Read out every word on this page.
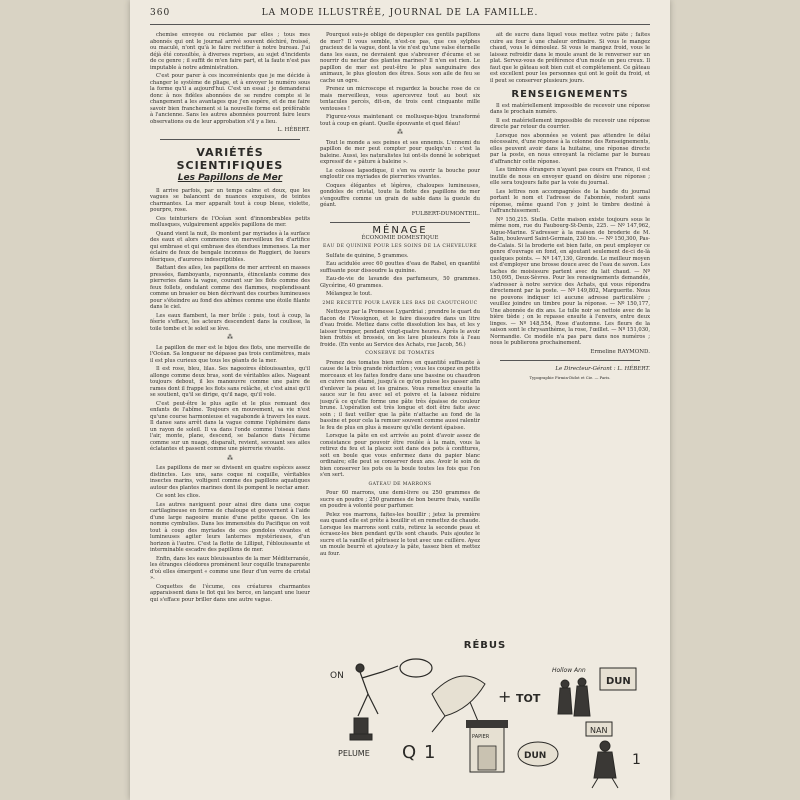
360	LA MODE ILLUSTRÉE, JOURNAL DE LA FAMILLE.

chemise envoyée ou réclamée par elles ; tous mes abonnés qui ont le journal arrivé souvent déchiré, froissé, ou maculé, n'ont qu'à le faire rectifier à notre bureau. J'ai déjà été consultée, à diverses reprises, au sujet d'incidents de ce genre ; il suffit de m'en faire part, et la faute n'est pas imputable à notre administration.

C'est pour parer à ces inconvénients que je me décide à changer le système de pliage, et à envoyer le numéro sous la forme qu'il a aujourd'hui. C'est un essai ; je demanderai donc à nos fidèles abonnées de se rendre compte si le changement a les avantages que j'en espère, et de me faire savoir bien franchement si la nouvelle forme est préférable à l'ancienne. Sans les autres abonnées pourront faire leurs observations ou de leur approbation s'il y a lieu.

L. HÉBERT.
VARIÉTÉS SCIENTIFIQUES
Les Papillons de Mer

Il arrive parfois, par un temps calme et doux, que les vagues se balancent de nuances exquises, de teintes charmantes. La mer apparaît tout à coup bleue, violette, pourpre, rose.

Ces teinturiers de l'Océan sont d'innombrables petits mollusques, vulgairement appelés papillons de mer.

Quand vient la nuit, ils montent par myriades à la surface des eaux et alors commence un merveilleux feu d'artifice qui embrase et qui embrase des étendues immenses. La mer éclaire de feux de bengale inconnus de Ruggieri, de lueurs féeriques, d'aurores indescriptibles.

Battant des ailes, les papillons de mer arrivent en masses pressées, flamboyants, rayonnants, étincelants comme des pierreries dans la vague, courant sur les flots comme des feux follets, ondulant comme des flammes, resplendissant comme un brasier ou bien décrivant des courbes lumineuses pour s'éteindre au fond des abîmes comme une étoile filante dans le ciel.

Les eaux flambent, la mer brûle : puis, tout à coup, la féerie s'efface, les acteurs descendent dans la coulisse, la toile tombe et le soleil se lève.

⁂

Le papillon de mer est le bijou des flots, une merveille de l'Océan. Sa longueur ne dépasse pas trois centimètres, mais il est plus curieux que tous les géants de la mer.

Il est rose, bleu, lilas. Ses nageoires éblouissantes, qu'il allonge comme deux bras, sont de véritables ailes. Nageant toujours debout, il les manœuvre comme une paire de rames dont il frappe les flots sans relâche, et c'est ainsi qu'il se soutient, qu'il se dirige, qu'il nage, qu'il vole.

C'est peut-être le plus agile et le plus remuant des enfants de l'abîme. Toujours en mouvement, sa vie n'est qu'une course harmonieuse et vagabonde à travers les eaux. Il danse sans arrêt dans la vague comme l'éphémère dans un rayon de soleil. Il va dans l'onde comme l'oiseau dans l'air, monte, plane, descend, se balance dans l'écume comme sur un nuage, disparaît, revient, secouant ses ailes éclatantes et passent comme une pierrerie vivante.

⁂

Les papillons de mer se divisent en quatre espèces assez distinctes. Les uns, sans coque ni coquille, véritables insectes marins, voltigent comme des papillons aquatiques autour des plantes marines dont ils pompent le nectar amer.

Ce sont les clios.

Les autres naviguent pour ainsi dire dans une coque cartilagineuse en forme de chaloupe et gouvernent à l'aide d'une large nageoire munie d'une petite queue. On les nomme cymbulies. Dans les immensités du Pacifique on voit tout à coup des myriades de ces gondoles vivantes et lumineuses agiter leurs lanternes mystérieuses, d'un horizon à l'autre. C'est la flotte de Lilliput, l'éblouissante et interminable escadre des papillons de mer.

Enfin, dans les eaux bleuissantes de la mer Méditerranée, les étranges cléodores promènent leur coquille transparente d'où elles émergent « comme une fleur d'un verre de cristal ».

Coquettes de l'écume, ces créatures charmantes apparaissent dans le flot qui les berce, en lançant une lueur qui s'efface pour briller dans une autre vague.

Pourquoi suis-je obligé de dépeupler ces gentils papillons de mer? Il vous semble, n'est-ce pas, que ces sylphes gracieux de la vague, dont la vie n'est qu'une valse éternelle dans les eaux, ne devraient que s'abreuver d'écume et se nourrir du nectar des plantes marines? Il n'en est rien. Le papillon de mer est peut-être le plus sanguinaire des animaux, le plus glouton des êtres. Sous son aile de feu se cache un ogre.

Prenez un microscope et regardez la bouche rose de ce mais merveilleux, vous apercevrez tout au bout six tentacules percés, dit-on, de trois cent cinquante mille ventouses !

Figurez-vous maintenant ce mollusque-bijou transformé tout à coup en géant. Quelle épouvante et quel fléau!

⁂

Tout le monde a ses peines et ses ennemis. L'ennemi du papillon de mer peut compter pour quelqu'un : c'est la baleine. Aussi, les naturalistes lui ont-ils donné le sobriquet expressif de « pâture à baleine ».

Le colosse lapsodique, il s'en va ouvrir la bouche pour engloutir ces myriades de pierreries vivantes.

Coques élégantes et légères, chaloupes lumineuses, gondoles de cristal, toute la flotte des papillons de mer s'engouffre comme un grain de sable dans la gueule du géant.

FULBERT-DUMONTEIL.
MÉNAGE
ÉCONOMIE DOMESTIQUE
EAU DE QUININE POUR LES SOINS DE LA CHEVELURE

Sulfate de quinine, 5 grammes.

Eau acidulée avec 60 gouttes d'eau de Rabel, en quantité suffisante pour dissoudre la quinine.

Eau-de-vie de lavande des parfumeurs, 50 grammes. Glycérine, 40 grammes.

Mélangez le tout.

2ME RECETTE POUR LAVER LES BAS DE CAOUTCHOUC

Nettoyez par la Promesse Lygardriai ; prendre le quart du flacon de l'Vossignon, et le faire dissoudre dans un litre d'eau froide. Mettez dans cette dissolution les bas, et les y laisser tremper, pendant vingt-quatre heures. Après le avoir bien frottés et brossés, on les lave plusieurs fois à l'eau froide. (En vente au Service des Achats, rue Jacob, 56.)

CONSERVE DE TOMATES

Prenez des tomates bien mûres en quantité suffisante à cause de la très grande réduction ; vous les coupez en petits morceaux et les faites fondre dans une bassine ou chaudron en cuivre non étamé, jusqu'à ce qu'on puisse les passer afin d'enlever la peau et les graines. Vous remettez ensuite la sauce sur le feu avec sel et poivre et la laissez réduire jusqu'à ce qu'elle forme une pâte très épaisse de couleur brune. L'opération est très longue et doit être faite avec soin ; il faut veiller que la pâte n'attache au fond de la bassine et pour cela la remuer souvent comme aussi ralentir le feu de plus en plus à mesure qu'elle devient épaisse.

Lorsque la pâte en est arrivée au point d'avoir assez de consistance pour pouvoir être roulée à la main, vous la retirez du feu et la placez soit dans des pots à confitures, soit en boule que vous enfermez dans du papier blanc ordinaire; elle peut se conserver deux ans. Avoir le soin de bien conserver les pots ou la boule toutes les fois que l'on s'en sert.

GATEAU DE MARRONS

Pour 60 marrons, une demi-livre ou 250 grammes de sucre en poudre ; 250 grammes de bon beurre frais, vanille en poudre à volonté pour parfumer.

Pelez vos marrons, faites-les bouillir ; jetez la première eau quand elle est prête à bouillir et en remettez de chaude. Lorsque les marrons sont cuits, retirez la seconde peau et écrasez-les bien pendant qu'ils sont chauds. Puis ajoutez le sucre et la vanille et pétrissez le tout avec une cuillère. Ayez un moule beurré et ajoutez-y la pâte, tassez bien et mettez au four.

ait de sucre dans liquel vous mettez votre pâte ; faites cuire au four à une chaleur ordinaire. Si vous le mangez chaud, vous le démoulez. Si vous le mangez froid, vous le laissez refroidir dans le moule avant de le renverser sur un plat. Servez-vous de préférence d'un moule un peu creux. Il faut que le gâteau soit bien cuit et complètement. Ce gâteau est excellent pour les personnes qui ont le goût du froid, et il peut se conserver plusieurs jours.

RENSEIGNEMENTS

Il est matériellement impossible de recevoir une réponse dans le prochain numéro.

Il est matériellement impossible de recevoir une réponse directe par retour du courrier.

Lorsque nos abonnées se voient pas attendre le délai nécessaire, d'une réponse à la colonne des Renseignements, elles peuvent avoir dans la huitaine, une réponse directe par la poste, en nous envoyant la réclame par le bureau d'affranchir cette réponse.

Les timbres étrangers n'ayant pas cours en France, il est inutile de nous en envoyer quand on désire une réponse ; elle sera toujours faite par la voie du journal.

Les lettres non accompagnées de la bande du journal portant le nom et l'adresse de l'abonnée, restent sans réponse, même quand l'on y joint le timbre destiné à l'affranchissement.

Nº 150,215. Stella. Cette maison existe toujours sous le même nom, rue du Faubourg-St-Denis, 225. — Nº 147,962, Aigue-Marine. S'adresser à la maison de broderie de M. Salin, boulevard Saint-Germain, 230 bis. — Nº 150,300, Pas-de-Calais. Si la broderie est bien faite, on peut employer ce genre d'ouvrage en fond, en ajoutant seulement de-ci de-là quelques points. — Nº 147,130, Gironde. Le meilleur moyen est d'employer une brosse douce avec de l'eau de savon. Les taches de moisissure partent avec du lait chaud. — Nº 150,095, Deux-Sèvres. Pour les renseignements demandés, s'adresser à notre service des Achats, qui vous répondra directement par la poste. — Nº 149,802, Marguerite. Nous ne pouvons indiquer ici aucune adresse particulière ; veuillez joindre un timbre pour la réponse. — Nº 150,177, Une abonnée de dix ans. Le tulle noir se nettoie avec de la bière tiède ; on le repasse ensuite à l'envers, entre deux linges. — Nº 148,554, Rose d'automne. Les fleurs de la saison sont le chrysanthème, la rose, l'œillet. — Nº 151,030, Normandie. Ce modèle n'a pas paru dans nos numéros ; nous le publierons prochainement.

Ermeline RAYMOND.
Le Directeur-Gérant : L. HÉBERT.
Typographie Firmin-Didot et Cie. — Paris.
RÉBUS
ON
+ TOT
Hollow Ann
DUN
PELUME Q 1
PAPIER
DUN
NAN
1
